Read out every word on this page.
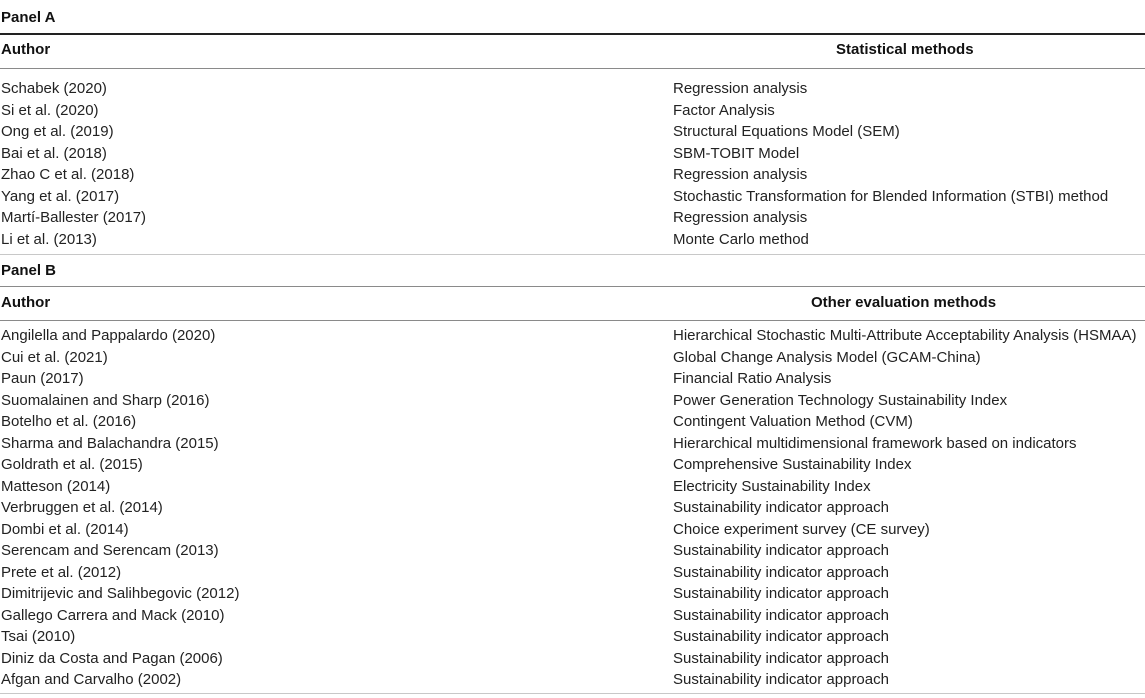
Panel A
Author	Statistical methods
Schabek (2020)	Regression analysis
Si et al. (2020)	Factor Analysis
Ong et al. (2019)	Structural Equations Model (SEM)
Bai et al. (2018)	SBM-TOBIT Model
Zhao C et al. (2018)	Regression analysis
Yang et al. (2017)	Stochastic Transformation for Blended Information (STBI) method
Martí-Ballester (2017)	Regression analysis
Li et al. (2013)	Monte Carlo method
Panel B
Author	Other evaluation methods
Angilella and Pappalardo (2020)	Hierarchical Stochastic Multi-Attribute Acceptability Analysis (HSMAA)
Cui et al. (2021)	Global Change Analysis Model (GCAM-China)
Paun (2017)	Financial Ratio Analysis
Suomalainen and Sharp (2016)	Power Generation Technology Sustainability Index
Botelho et al. (2016)	Contingent Valuation Method (CVM)
Sharma and Balachandra (2015)	Hierarchical multidimensional framework based on indicators
Goldrath et al. (2015)	Comprehensive Sustainability Index
Matteson (2014)	Electricity Sustainability Index
Verbruggen et al. (2014)	Sustainability indicator approach
Dombi et al. (2014)	Choice experiment survey (CE survey)
Serencam and Serencam (2013)	Sustainability indicator approach
Prete et al. (2012)	Sustainability indicator approach
Dimitrijevic and Salihbegovic (2012)	Sustainability indicator approach
Gallego Carrera and Mack (2010)	Sustainability indicator approach
Tsai (2010)	Sustainability indicator approach
Diniz da Costa and Pagan (2006)	Sustainability indicator approach
Afgan and Carvalho (2002)	Sustainability indicator approach
